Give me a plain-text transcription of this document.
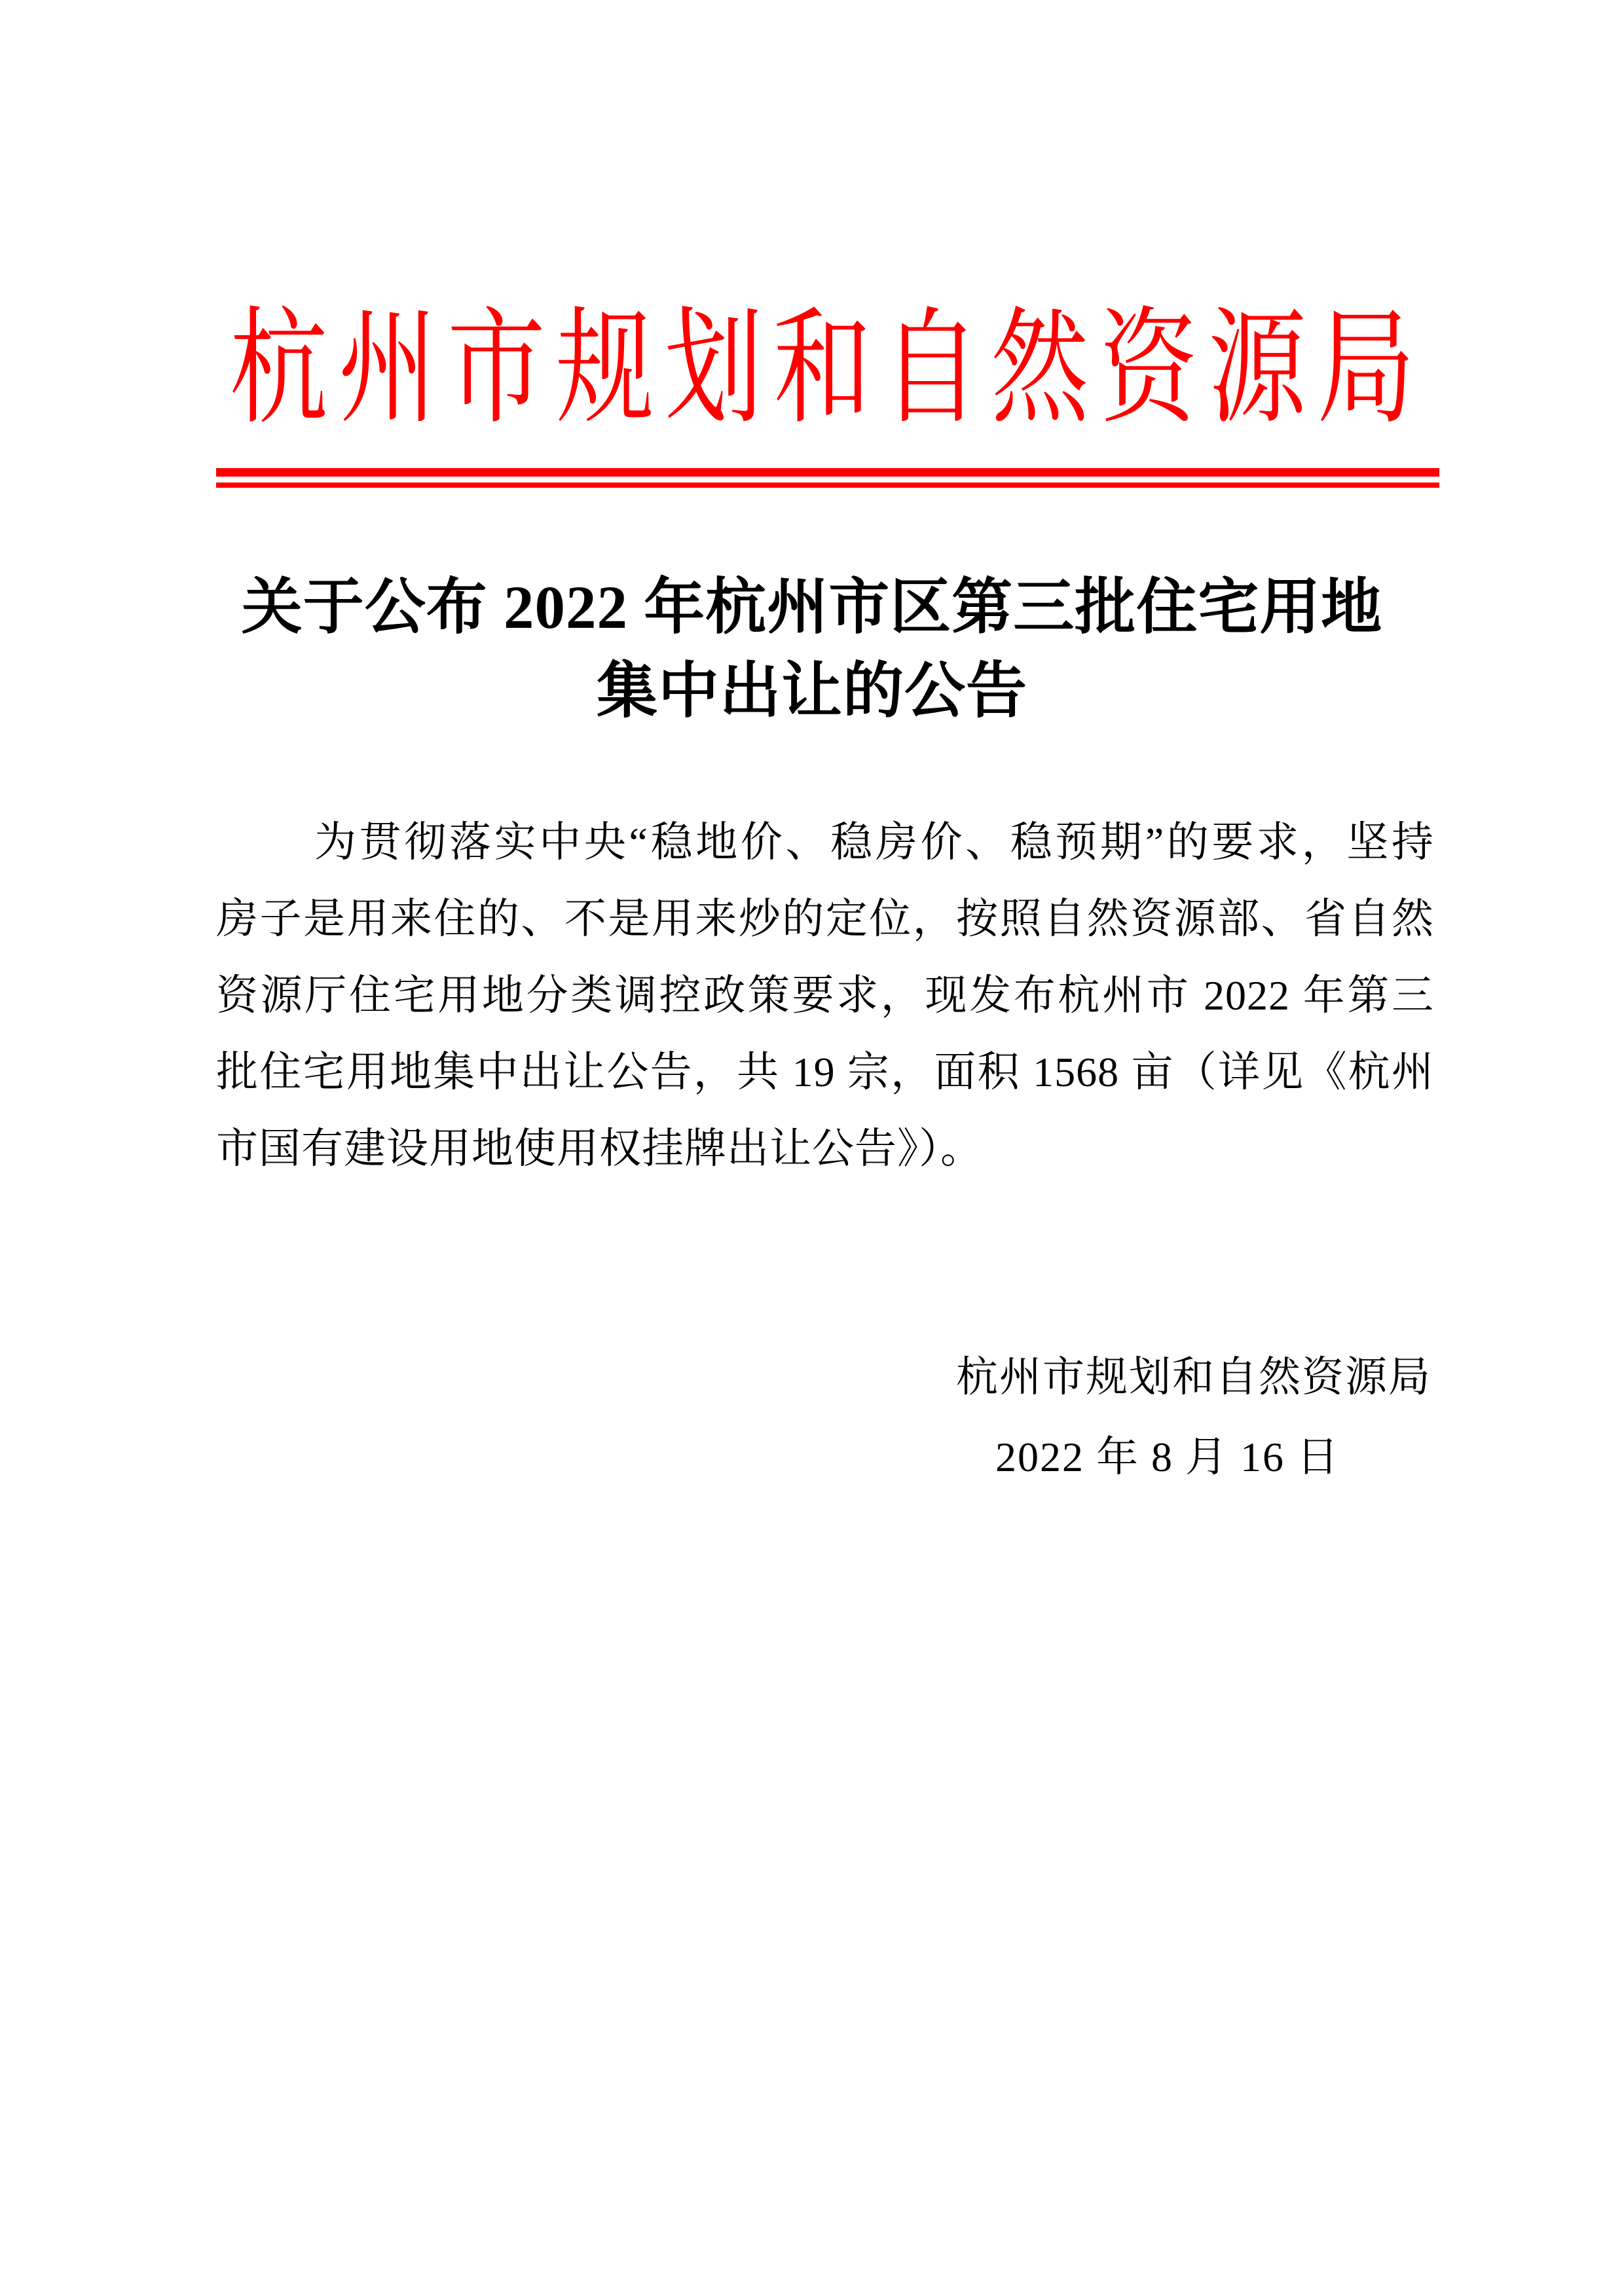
杭州市规划和自然资源局
关于公布 2022 年杭州市区第三批住宅用地
集中出让的公告
为贯彻落实中央“稳地价、稳房价、稳预期”的要求，坚持
房子是用来住的、不是用来炒的定位，按照自然资源部、省自然
资源厅住宅用地分类调控政策要求，现发布杭州市 2022 年第三
批住宅用地集中出让公告，共 19 宗，面积 1568 亩（详见《杭州
市国有建设用地使用权挂牌出让公告》）。
杭州市规划和自然资源局
2022 年 8 月 16 日
